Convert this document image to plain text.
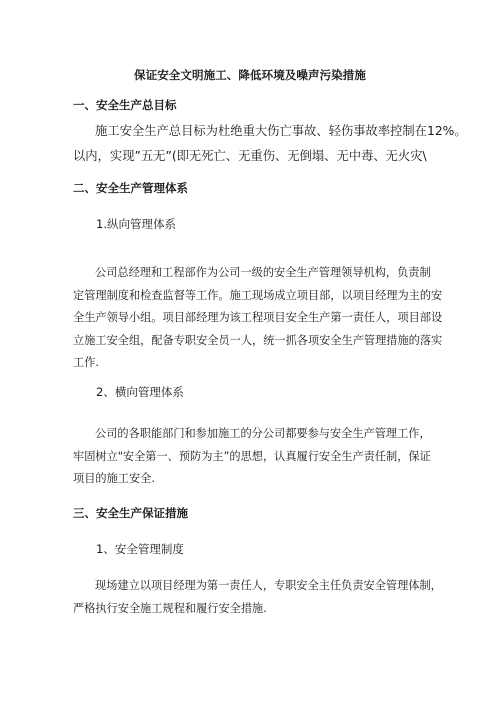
保证安全文明施工、降低环境及噪声污染措施
一、安全生产总目标

施工安全生产总目标为杜绝重大伤亡事故、轻伤事故率控制在12%。
以内，实现”五无”(即无死亡、无重伤、无倒塌、无中毒、无火灾\

二、安全生产管理体系
1.纵向管理体系

公司总经理和工程部作为公司一级的安全生产管理领导机构，负责制
定管理制度和检查监督等工作。施工现场成立项目部，以项目经理为主的安
全生产领导小组。项目部经理为该工程项目安全生产第一责任人，项目部设
立施工安全组，配备专职安全员一人，统一抓各项安全生产管理措施的落实
工作.

2、横向管理体系

公司的各职能部门和参加施工的分公司都要参与安全生产管理工作，
牢固树立"安全第一、预防为主”的思想，认真履行安全生产责任制，保证
项目的施工安全.

三、安全生产保证措施
1、安全管理制度

现场建立以项目经理为第一责任人，专职安全主任负责安全管理体制，
严格执行安全施工规程和履行安全措施.
